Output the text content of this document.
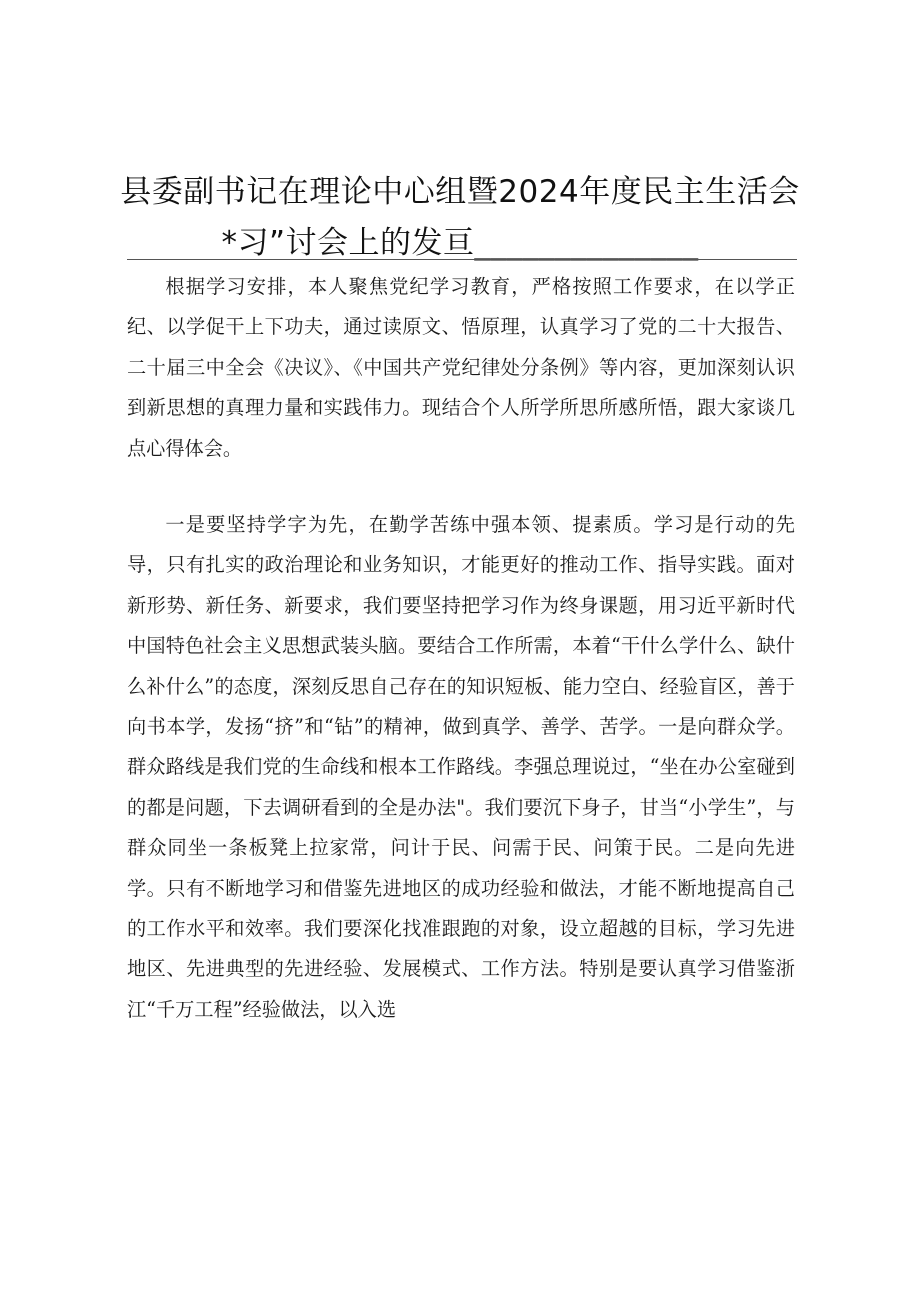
县委副书记在理论中心组暨2024年度民主生活会
*习”讨会上的发亘______________

根据学习安排，本人聚焦党纪学习教育，严格按照工作要求，在以学正纪、以学促干上下功夫，通过读原文、悟原理，认真学习了党的二十大报告、二十届三中全会《决议》、《中国共产党纪律处分条例》等内容，更加深刻认识到新思想的真理力量和实践伟力。现结合个人所学所思所感所悟，跟大家谈几点心得体会。

一是要坚持学字为先，在勤学苦练中强本领、提素质。学习是行动的先导，只有扎实的政治理论和业务知识，才能更好的推动工作、指导实践。面对新形势、新任务、新要求，我们要坚持把学习作为终身课题，用习近平新时代中国特色社会主义思想武装头脑。要结合工作所需，本着“干什么学什么、缺什么补什么”的态度，深刻反思自己存在的知识短板、能力空白、经验盲区，善于向书本学，发扬“挤”和“钻”的精神，做到真学、善学、苦学。一是向群众学。群众路线是我们党的生命线和根本工作路线。李强总理说过，“坐在办公室碰到的都是问题，下去调研看到的全是办法"。我们要沉下身子，甘当“小学生”，与群众同坐一条板凳上拉家常，问计于民、问需于民、问策于民。二是向先进学。只有不断地学习和借鉴先进地区的成功经验和做法，才能不断地提高自己的工作水平和效率。我们要深化找准跟跑的对象，设立超越的目标，学习先进地区、先进典型的先进经验、发展模式、工作方法。特别是要认真学习借鉴浙江“千万工程”经验做法，以入选
